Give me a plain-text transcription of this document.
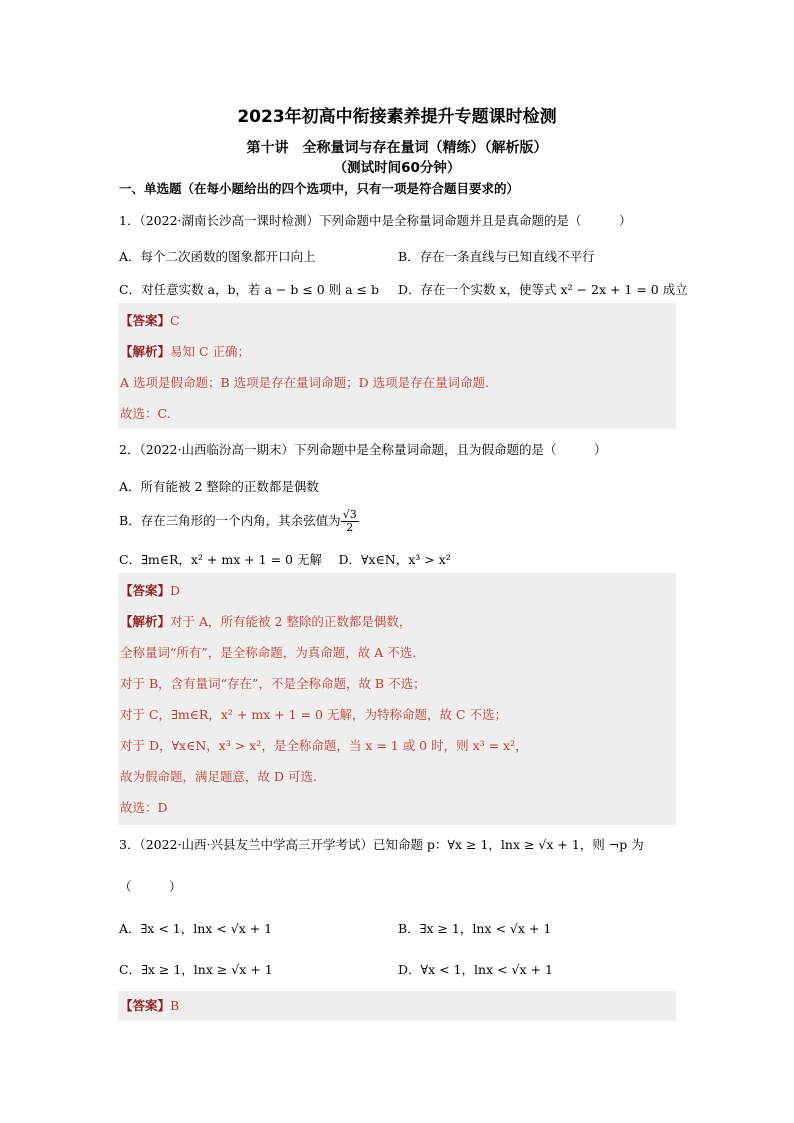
2023年初高中衔接素养提升专题课时检测
第十讲　全称量词与存在量词（精练）（解析版）
（测试时间60分钟）
一、单选题（在每小题给出的四个选项中，只有一项是符合题目要求的）
1．（2022·湖南长沙高一课时检测）下列命题中是全称量词命题并且是真命题的是（　　　）
A．每个二次函数的图象都开口向上	B．存在一条直线与已知直线不平行
C．对任意实数 a，b，若 a − b ≤ 0 则 a ≤ b D．存在一个实数 x，使等式 x² − 2x + 1 = 0 成立
【答案】C
【解析】易知 C 正确；
A 选项是假命题；B 选项是存在量词命题；D 选项是存在量词命题.
故选：C.
2．（2022·山西临汾高一期末）下列命题中是全称量词命题，且为假命题的是（　　　）
A．所有能被 2 整除的正数都是偶数
B．存在三角形的一个内角，其余弦值为 $\frac{√3}{2}$
C．∃m∈R，x² + mx + 1 = 0 无解　 D．∀x∈N，x³ > x²
【答案】D
【解析】对于 A，所有能被 2 整除的正数都是偶数，
全称量词“所有”，是全称命题，为真命题，故 A 不选.
对于 B，含有量词“存在”，不是全称命题，故 B 不选；
对于 C，∃m∈R，x² + mx + 1 = 0 无解，为特称命题，故 C 不选；
对于 D，∀x∈N，x³ > x²，是全称命题，当 x = 1 或 0 时，则 x³ = x²，
故为假命题，满足题意，故 D 可选.
故选：D
3．（2022·山西·兴县友兰中学高三开学考试）已知命题 p：∀x ≥ 1，lnx ≥ √x + 1，则 ¬p 为
（　　　）
A．∃x < 1，lnx < √x + 1	B．∃x ≥ 1，lnx < √x + 1
C．∃x ≥ 1，lnx ≥ √x + 1	D．∀x < 1，lnx < √x + 1
【答案】B
